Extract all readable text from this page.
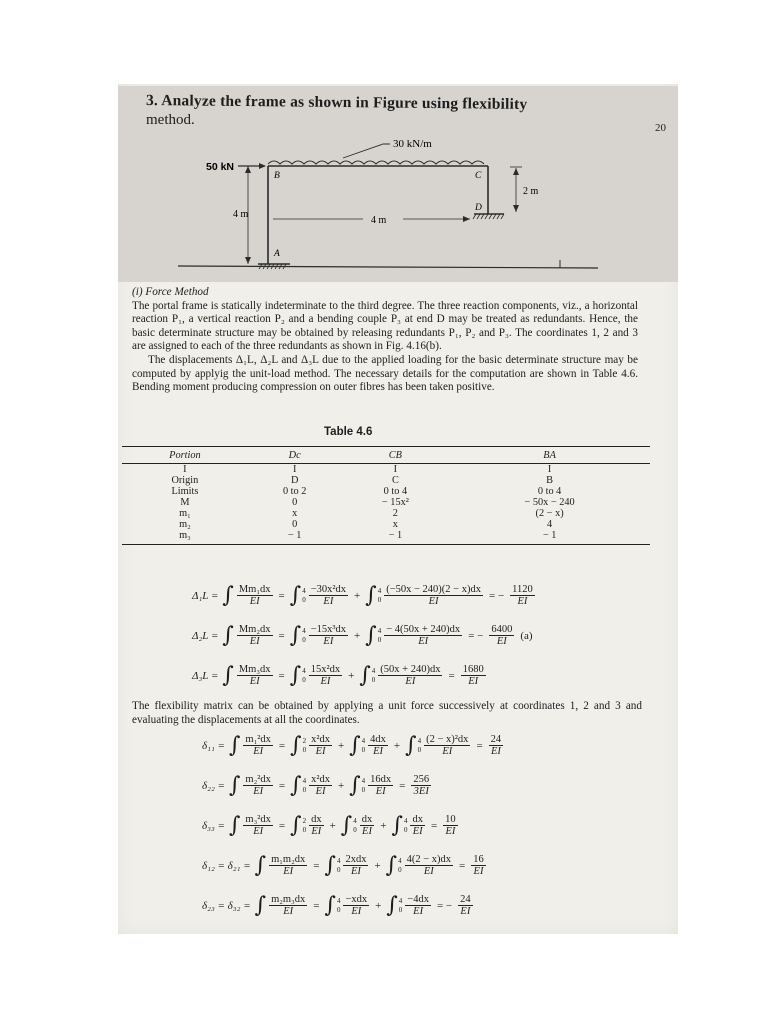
3. Analyze the frame as shown in Figure using flexibility
method.	20
30 kN/m
50 kN
B	C
D
A
4 m
4 m
2 m

(i) Force Method

The portal frame is statically indeterminate to the third degree. The three reaction components, viz., a horizontal reaction P₁, a vertical reaction P₂ and a bending couple P₃ at end D may be treated as redundants. Hence, the basic determinate structure may be obtained by releasing redundants P₁, P₂ and P₃. The coordinates 1, 2 and 3 are assigned to each of the three redundants as shown in Fig. 4.16(b).

The displacements Δ₁L, Δ₂L and Δ₃L due to the applied loading for the basic determinate structure may be computed by applyig the unit-load method. The necessary details for the computation are shown in Table 4.6. Bending moment producing compression on outer fibres has been taken positive.

Table 4.6
Portion	Dc	CB	BA
I	I	I	I
Origin	D	C	B
Limits	0 to 2	0 to 4	0 to 4
M	0	− 15x²	− 50x − 240
m₁	x	2	(2 − x)
m₂	0	x	4
m₃	− 1	− 1	− 1
Δ₁L = ∫ $\frac{\text{Mm₁dx}}{EI}$ = ∫ 4
$0 \frac{\text{−30x²dx}}{EI}$ + ∫ 4
$0 \frac{(-50x - 240)(2 - x)dx}{EI}$ = − $\frac{1120}{EI}$
Δ₂L = ∫ $\frac{\text{Mm₂dx}}{EI}$ = ∫ 4
$0 \frac{\text{−15x³dx}}{EI}$ + ∫ 4
$0 \frac{- 4(50x + 240)dx}{EI}$ = − $\frac{6400}{EI} (a)$
Δ₃L = ∫ $\frac{\text{Mm₃dx}}{EI}$ = ∫ 4
$0 \frac{\text{15x²dx}}{EI}$ + ∫ 4
$0 \frac{(50x + 240)dx}{EI} = \frac{1680}{EI}$
The flexibility matrix can be obtained by applying a unit force successively at coordinates 1, 2 and 3 and evaluating the displacements at all the coordinates.
δ₁₁ = ∫ $\frac{\text{m₁²dx}}{EI}$ = ∫ 2
$0 \frac{\text{x²dx}}{EI}$ + ∫ 4
$0 \frac{4dx}{EI}$ + ∫ 4
$0 \frac{\text{(2 − x)²dx}}{EI} = \frac{24}{EI}$
δ₂₂ = ∫ $\frac{\text{m₂²dx}}{EI}$ = ∫ 4
$0 \frac{\text{x²dx}}{EI}$ + ∫ 4
$0 \frac{16dx}{EI} = \frac{256}{3EI}$
δ₃₃ = ∫ $\frac{\text{m₃²dx}}{EI}$ = ∫ 2
$0 \frac{dx}{EI}$ + ∫ 4
$0 \frac{dx}{EI}$ + ∫ 4
$0 \frac{dx}{EI} = \frac{10}{EI}$
δ₁₂ = δ₂₁ = ∫ $\frac{\text{m₁m₂dx}}{EI}$ = ∫ 4
$0 \frac{\text{2xdx}}{EI}$ + ∫ 4
$0 \frac{4(2 - x)dx}{EI} = \frac{16}{EI}$
δ₂₃ = δ₃₂ = ∫ $\frac{\text{m₂m₃dx}}{EI}$ = ∫ 4
$0 \frac{\text{−xdx}}{EI}$ + ∫ 4
$0 \frac{-4dx}{EI}$ = − $\frac{24}{EI}$
